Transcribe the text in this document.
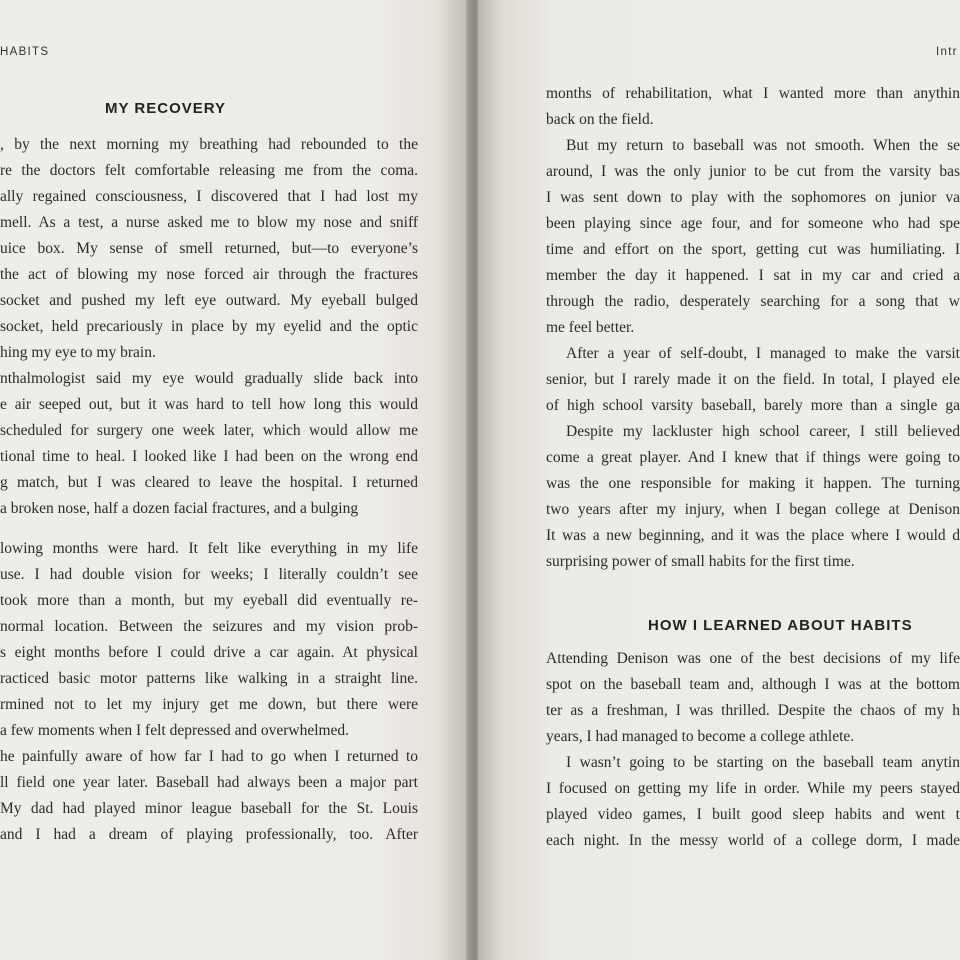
HABITS
MY RECOVERY
, by the next morning my breathing had rebounded to the
re the doctors felt comfortable releasing me from the coma.
ally regained consciousness, I discovered that I had lost my
mell. As a test, a nurse asked me to blow my nose and sniff
uice box. My sense of smell returned, but—to everyone’s
the act of blowing my nose forced air through the fractures
socket and pushed my left eye outward. My eyeball bulged
socket, held precariously in place by my eyelid and the optic
hing my eye to my brain.
nthalmologist said my eye would gradually slide back into
e air seeped out, but it was hard to tell how long this would
scheduled for surgery one week later, which would allow me
tional time to heal. I looked like I had been on the wrong end
g match, but I was cleared to leave the hospital. I returned
a broken nose, half a dozen facial fractures, and a bulging
lowing months were hard. It felt like everything in my life
use. I had double vision for weeks; I literally couldn’t see
took more than a month, but my eyeball did eventually re-
normal location. Between the seizures and my vision prob-
s eight months before I could drive a car again. At physical
racticed basic motor patterns like walking in a straight line.
rmined not to let my injury get me down, but there were
a few moments when I felt depressed and overwhelmed.
he painfully aware of how far I had to go when I returned to
ll field one year later. Baseball had always been a major part
My dad had played minor league baseball for the St. Louis
and I had a dream of playing professionally, too. After
Intr
HOW I LEARNED ABOUT HABITS
months of rehabilitation, what I wanted more than anythin
back on the field.
But my return to baseball was not smooth. When the se
around, I was the only junior to be cut from the varsity bas
I was sent down to play with the sophomores on junior va
been playing since age four, and for someone who had spe
time and effort on the sport, getting cut was humiliating. I
member the day it happened. I sat in my car and cried a
through the radio, desperately searching for a song that w
me feel better.
After a year of self-doubt, I managed to make the varsit
senior, but I rarely made it on the field. In total, I played ele
of high school varsity baseball, barely more than a single ga
Despite my lackluster high school career, I still believed
come a great player. And I knew that if things were going to
was the one responsible for making it happen. The turning
two years after my injury, when I began college at Denison
It was a new beginning, and it was the place where I would d
surprising power of small habits for the first time.
Attending Denison was one of the best decisions of my life
spot on the baseball team and, although I was at the bottom
ter as a freshman, I was thrilled. Despite the chaos of my h
years, I had managed to become a college athlete.
I wasn’t going to be starting on the baseball team anytin
I focused on getting my life in order. While my peers stayed
played video games, I built good sleep habits and went t
each night. In the messy world of a college dorm, I made
